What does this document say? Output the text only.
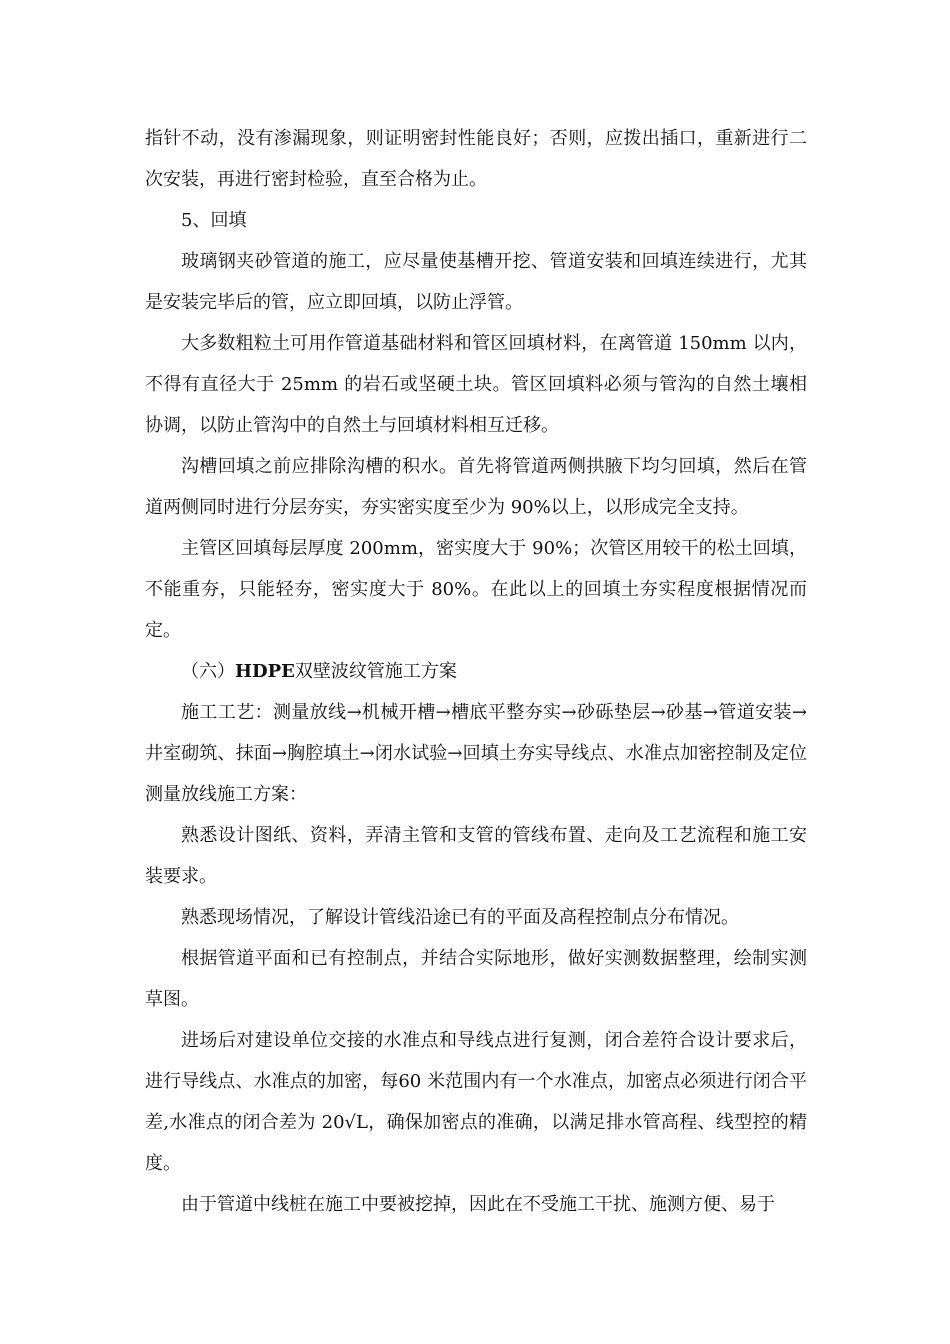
指针不动，没有渗漏现象，则证明密封性能良好；否则，应拨出插口，重新进行二次安装，再进行密封检验，直至合格为止。

5、回填

玻璃钢夹砂管道的施工，应尽量使基槽开挖、管道安装和回填连续进行，尤其是安装完毕后的管，应立即回填，以防止浮管。

大多数粗粒土可用作管道基础材料和管区回填材料，在离管道 150mm 以内，不得有直径大于 25mm 的岩石或坚硬土块。管区回填料必须与管沟的自然土壤相协调，以防止管沟中的自然土与回填材料相互迁移。

沟槽回填之前应排除沟槽的积水。首先将管道两侧拱腋下均匀回填，然后在管道两侧同时进行分层夯实，夯实密实度至少为 90%以上，以形成完全支持。

主管区回填每层厚度 200mm，密实度大于 90%；次管区用较干的松土回填，不能重夯，只能轻夯，密实度大于 80%。在此以上的回填土夯实程度根据情况而定。

（六）HDPE双壁波纹管施工方案

施工工艺：测量放线→机械开槽→槽底平整夯实→砂砾垫层→砂基→管道安装→井室砌筑、抹面→胸腔填土→闭水试验→回填土夯实导线点、水准点加密控制及定位测量放线施工方案：

熟悉设计图纸、资料，弄清主管和支管的管线布置、走向及工艺流程和施工安装要求。

熟悉现场情况，了解设计管线沿途已有的平面及高程控制点分布情况。

根据管道平面和已有控制点，并结合实际地形，做好实测数据整理，绘制实测草图。

进场后对建设单位交接的水准点和导线点进行复测，闭合差符合设计要求后，进行导线点、水准点的加密，每60 米范围内有一个水准点，加密点必须进行闭合平差,水准点的闭合差为 20√L，确保加密点的准确，以满足排水管高程、线型控的精度。

由于管道中线桩在施工中要被挖掉，因此在不受施工干扰、施测方便、易于
